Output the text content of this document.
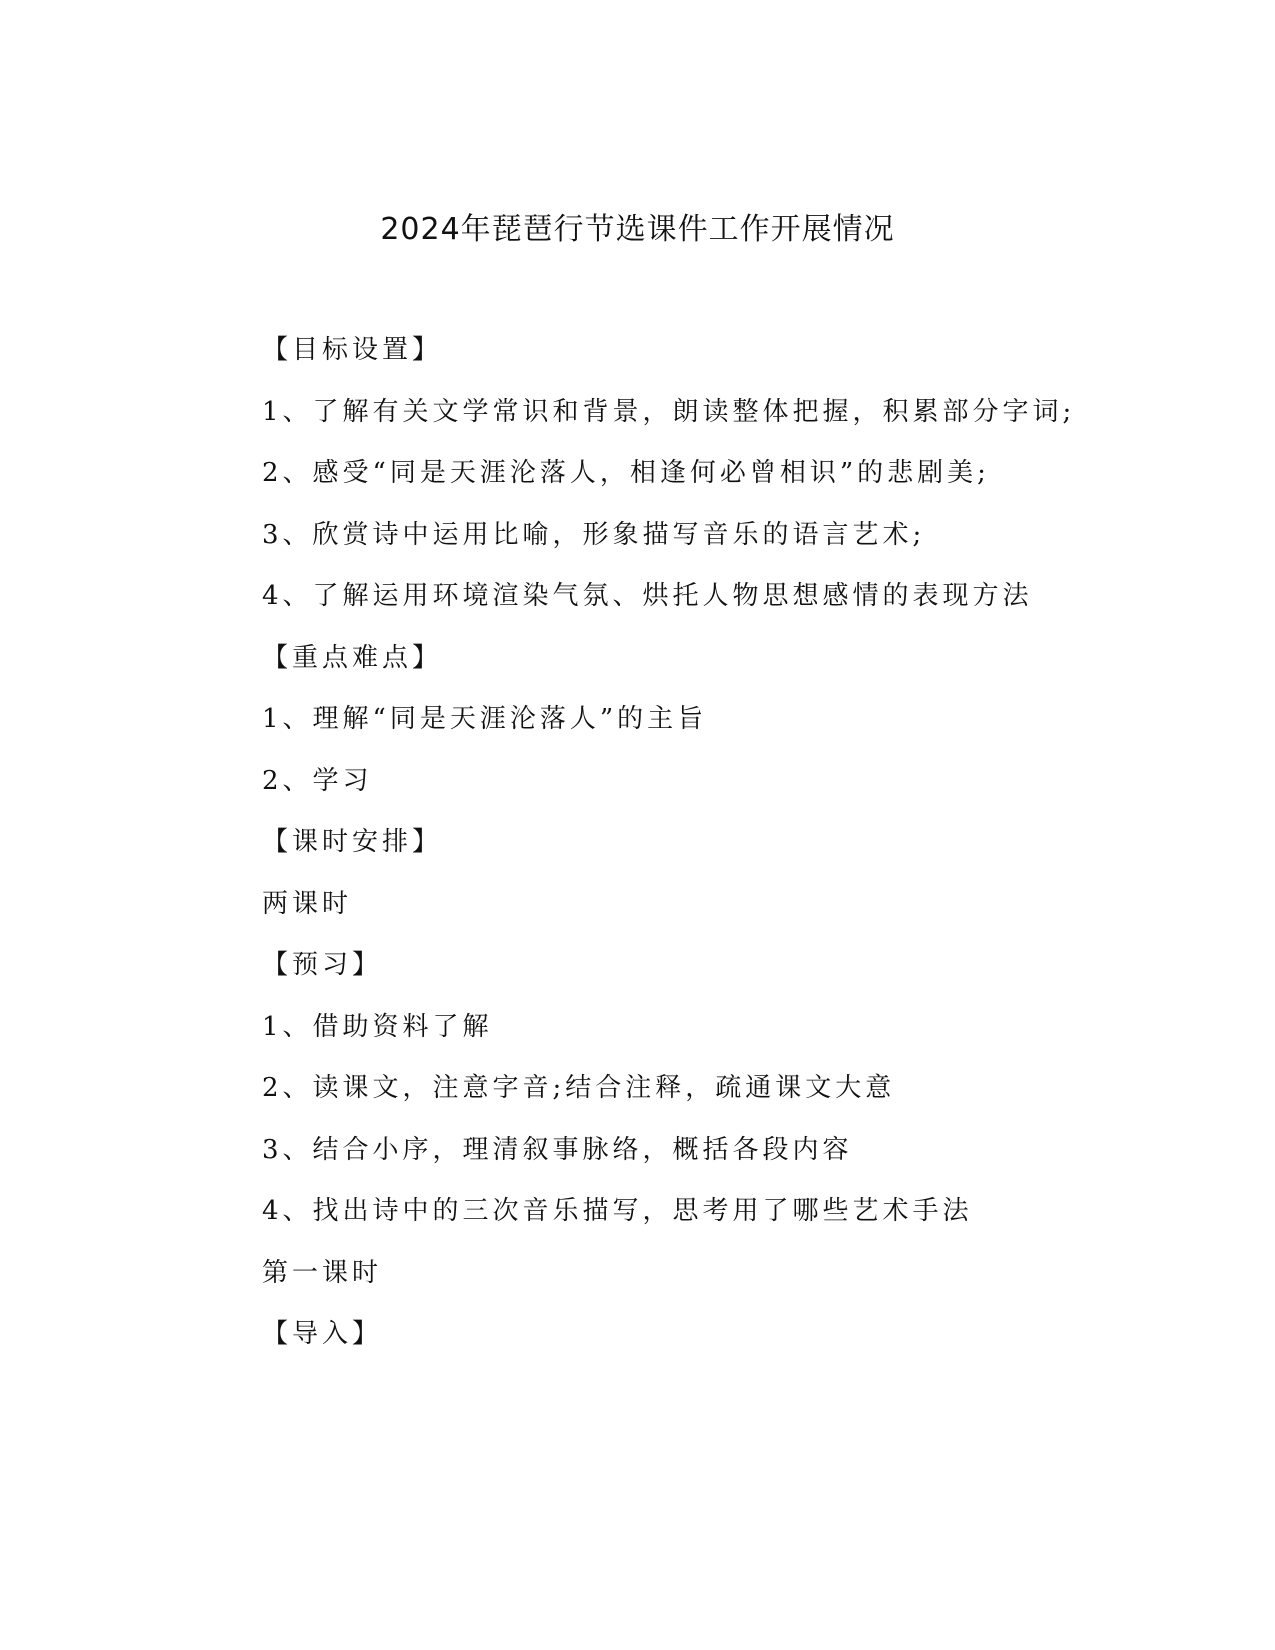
2024年琵琶行节选课件工作开展情况
【目标设置】
1、了解有关文学常识和背景，朗读整体把握，积累部分字词;
2、感受“同是天涯沦落人，相逢何必曾相识”的悲剧美;
3、欣赏诗中运用比喻，形象描写音乐的语言艺术;
4、了解运用环境渲染气氛、烘托人物思想感情的表现方法
【重点难点】
1、理解“同是天涯沦落人”的主旨
2、学习
【课时安排】
两课时
【预习】
1、借助资料了解
2、读课文，注意字音;结合注释，疏通课文大意
3、结合小序，理清叙事脉络，概括各段内容
4、找出诗中的三次音乐描写，思考用了哪些艺术手法
第一课时
【导入】
